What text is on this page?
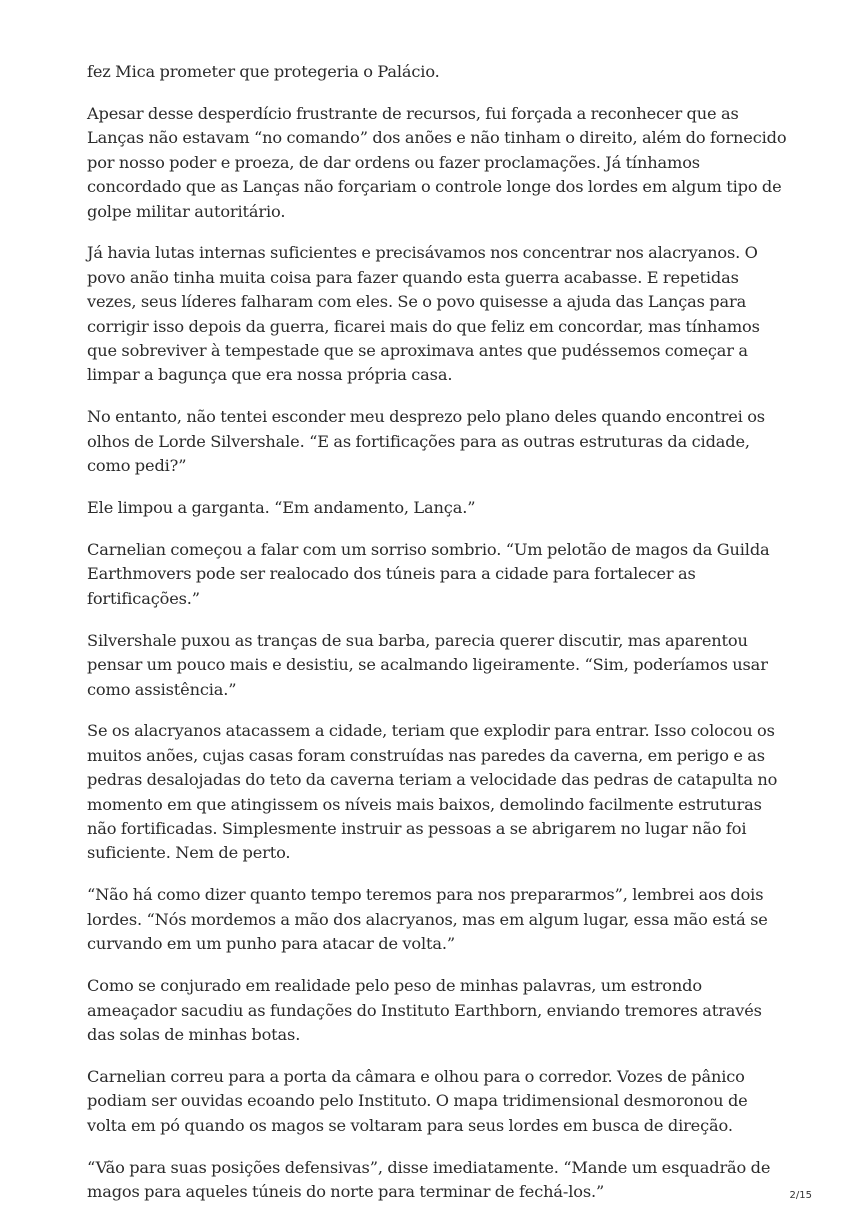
fez Mica prometer que protegeria o Palácio.

Apesar desse desperdício frustrante de recursos, fui forçada a reconhecer que as Lanças não estavam “no comando” dos anões e não tinham o direito, além do fornecido por nosso poder e proeza, de dar ordens ou fazer proclamações. Já tínhamos concordado que as Lanças não forçariam o controle longe dos lordes em algum tipo de golpe militar autoritário.

Já havia lutas internas suficientes e precisávamos nos concentrar nos alacryanos. O povo anão tinha muita coisa para fazer quando esta guerra acabasse. E repetidas vezes, seus líderes falharam com eles. Se o povo quisesse a ajuda das Lanças para corrigir isso depois da guerra, ficarei mais do que feliz em concordar, mas tínhamos que sobreviver à tempestade que se aproximava antes que pudéssemos começar a limpar a bagunça que era nossa própria casa.

No entanto, não tentei esconder meu desprezo pelo plano deles quando encontrei os olhos de Lorde Silvershale. “E as fortificações para as outras estruturas da cidade, como pedi?”

Ele limpou a garganta. “Em andamento, Lança.”

Carnelian começou a falar com um sorriso sombrio. “Um pelotão de magos da Guilda Earthmovers pode ser realocado dos túneis para a cidade para fortalecer as fortificações.”

Silvershale puxou as tranças de sua barba, parecia querer discutir, mas aparentou pensar um pouco mais e desistiu, se acalmando ligeiramente. “Sim, poderíamos usar como assistência.”

Se os alacryanos atacassem a cidade, teriam que explodir para entrar. Isso colocou os muitos anões, cujas casas foram construídas nas paredes da caverna, em perigo e as pedras desalojadas do teto da caverna teriam a velocidade das pedras de catapulta no momento em que atingissem os níveis mais baixos, demolindo facilmente estruturas não fortificadas. Simplesmente instruir as pessoas a se abrigarem no lugar não foi suficiente. Nem de perto.

“Não há como dizer quanto tempo teremos para nos prepararmos”, lembrei aos dois lordes. “Nós mordemos a mão dos alacryanos, mas em algum lugar, essa mão está se curvando em um punho para atacar de volta.”

Como se conjurado em realidade pelo peso de minhas palavras, um estrondo ameaçador sacudiu as fundações do Instituto Earthborn, enviando tremores através das solas de minhas botas.

Carnelian correu para a porta da câmara e olhou para o corredor. Vozes de pânico podiam ser ouvidas ecoando pelo Instituto. O mapa tridimensional desmoronou de volta em pó quando os magos se voltaram para seus lordes em busca de direção.

“Vão para suas posições defensivas”, disse imediatamente. “Mande um esquadrão de magos para aqueles túneis do norte para terminar de fechá-los.”	2/15
